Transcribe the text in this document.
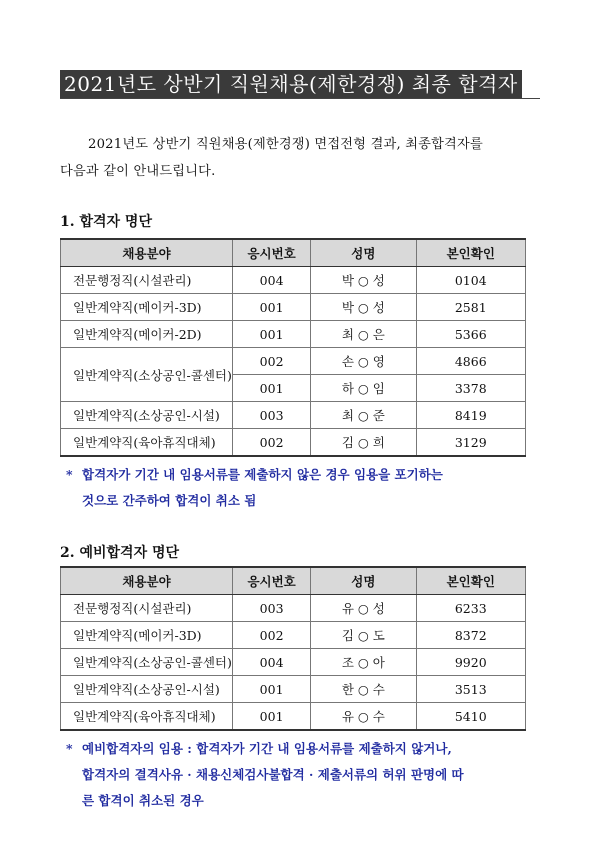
2021년도 상반기 직원채용(제한경쟁) 최종 합격자
2021년도 상반기 직원채용(제한경쟁) 면접전형 결과, 최종합격자를
다음과 같이 안내드립니다.
1. 합격자 명단
채용분야	응시번호	성명	본인확인
전문행정직(시설관리)	004	박 ○ 성	0104
일반계약직(메이커-3D)	001	박 ○ 성	2581
일반계약직(메이커-2D)	001	최 ○ 은	5366
일반계약직(소상공인-콜센터)	002	손 ○ 영	4866
	001	하 ○ 임	3378
일반계약직(소상공인-시설)	003	최 ○ 준	8419
일반계약직(육아휴직대체)	002	김 ○ 희	3129
* 합격자가 기간 내 임용서류를 제출하지 않은 경우 임용을 포기하는
것으로 간주하여 합격이 취소 됨
2. 예비합격자 명단
채용분야	응시번호	성명	본인확인
전문행정직(시설관리)	003	유 ○ 성	6233
일반계약직(메이커-3D)	002	김 ○ 도	8372
일반계약직(소상공인-콜센터)	004	조 ○ 아	9920
일반계약직(소상공인-시설)	001	한 ○ 수	3513
일반계약직(육아휴직대체)	001	유 ○ 수	5410
* 예비합격자의 임용 : 합격자가 기간 내 임용서류를 제출하지 않거나,
합격자의 결격사유 · 채용신체검사불합격 · 제출서류의 허위 판명에 따
른 합격이 취소된 경우
